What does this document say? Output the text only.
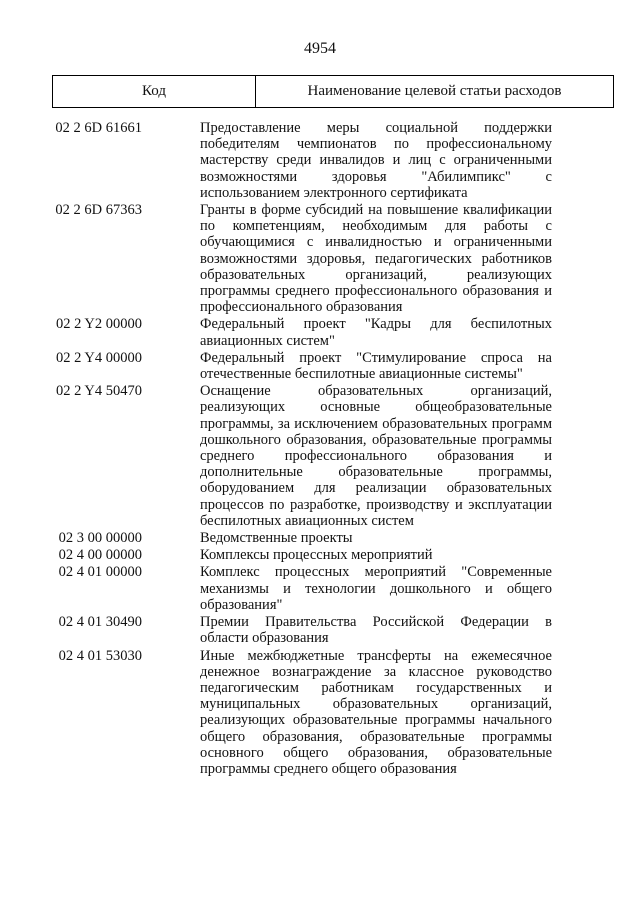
4954
Код	Наименование целевой статьи расходов
02 2 6D 61661	Предоставление меры социальной поддержки победителям чемпионатов по профессиональному мастерству среди инвалидов и лиц с ограниченными возможностями здоровья "Абилимпикс" с использованием электронного сертификата
02 2 6D 67363	Гранты в форме субсидий на повышение квалификации по компетенциям, необходимым для работы с обучающимися с инвалидностью и ограниченными возможностями здоровья, педагогических работников образовательных организаций, реализующих программы среднего профессионального образования и профессионального образования
02 2 Y2 00000	Федеральный проект "Кадры для беспилотных авиационных систем"
02 2 Y4 00000	Федеральный проект "Стимулирование спроса на отечественные беспилотные авиационные системы"
02 2 Y4 50470	Оснащение образовательных организаций, реализующих основные общеобразовательные программы, за исключением образовательных программ дошкольного образования, образовательные программы среднего профессионального образования и дополнительные образовательные программы, оборудованием для реализации образовательных процессов по разработке, производству и эксплуатации беспилотных авиационных систем
02 3 00 00000	Ведомственные проекты
02 4 00 00000	Комплексы процессных мероприятий
02 4 01 00000	Комплекс процессных мероприятий "Современные механизмы и технологии дошкольного и общего образования"
02 4 01 30490	Премии Правительства Российской Федерации в области образования
02 4 01 53030	Иные межбюджетные трансферты на ежемесячное денежное вознаграждение за классное руководство педагогическим работникам государственных и муниципальных образовательных организаций, реализующих образовательные программы начального общего образования, образовательные программы основного общего образования, образовательные программы среднего общего образования
